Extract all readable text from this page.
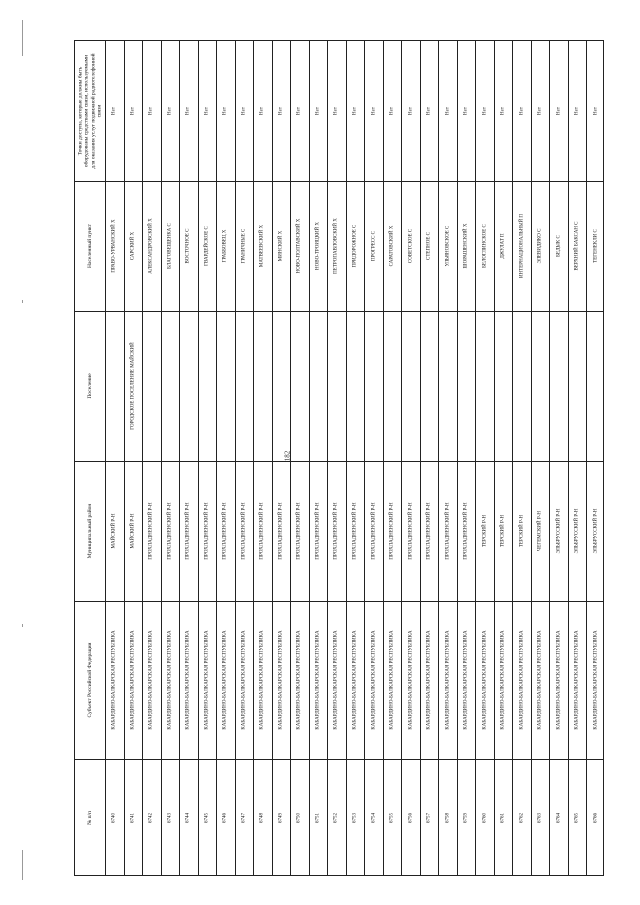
182
Точки доступа, которые должны быть оборудованы средствами связи, используемыми для оказания услуг подвижной радиотелефонной связи
Населенный пункт
Поселение
Муниципальный район
Субъект Российской Федерации
№ п/п
Нет
ПРАВО-УРВАНСКИЙ Х
МАЙСКИЙ Р-Н
КАБАРДИНО-БАЛКАРСКАЯ РЕСПУБЛИКА
6740
Нет
САРСКИЙ Х
ГОРОДСКОЕ ПОСЕЛЕНИЕ МАЙСКИЙ
МАЙСКИЙ Р-Н
КАБАРДИНО-БАЛКАРСКАЯ РЕСПУБЛИКА
6741
Нет
АЛЕКСАНДРОВСКИЙ Х
ПРОХЛАДНЕНСКИЙ Р-Н
КАБАРДИНО-БАЛКАРСКАЯ РЕСПУБЛИКА
6742
Нет
БЛАГОВЕЩЕНКА С
ПРОХЛАДНЕНСКИЙ Р-Н
КАБАРДИНО-БАЛКАРСКАЯ РЕСПУБЛИКА
6743
Нет
ВОСТОЧНОЕ С
ПРОХЛАДНЕНСКИЙ Р-Н
КАБАРДИНО-БАЛКАРСКАЯ РЕСПУБЛИКА
6744
Нет
ГВАРДЕЙСКОЕ С
ПРОХЛАДНЕНСКИЙ Р-Н
КАБАРДИНО-БАЛКАРСКАЯ РЕСПУБЛИКА
6745
Нет
ГРАББОВЕЦ Х
ПРОХЛАДНЕНСКИЙ Р-Н
КАБАРДИНО-БАЛКАРСКАЯ РЕСПУБЛИКА
6746
Нет
ГРАНИЧНЫЕ С
ПРОХЛАДНЕНСКИЙ Р-Н
КАБАРДИНО-БАЛКАРСКАЯ РЕСПУБЛИКА
6747
Нет
МАТВЕЕВСКИЙ Х
ПРОХЛАДНЕНСКИЙ Р-Н
КАБАРДИНО-БАЛКАРСКАЯ РЕСПУБЛИКА
6748
Нет
МИНСКИЙ Х
ПРОХЛАДНЕНСКИЙ Р-Н
КАБАРДИНО-БАЛКАРСКАЯ РЕСПУБЛИКА
6749
Нет
НОВО-ПОЛТАВСКИЙ Х
ПРОХЛАДНЕНСКИЙ Р-Н
КАБАРДИНО-БАЛКАРСКАЯ РЕСПУБЛИКА
6750
Нет
НОВО-ТРОИЦКИЙ Х
ПРОХЛАДНЕНСКИЙ Р-Н
КАБАРДИНО-БАЛКАРСКАЯ РЕСПУБЛИКА
6751
Нет
ПЕТРОПАВЛОВСКИЙ Х
ПРОХЛАДНЕНСКИЙ Р-Н
КАБАРДИНО-БАЛКАРСКАЯ РЕСПУБЛИКА
6752
Нет
ПРИДОРОЖНОЕ С
ПРОХЛАДНЕНСКИЙ Р-Н
КАБАРДИНО-БАЛКАРСКАЯ РЕСПУБЛИКА
6753
Нет
ПРОГРЕСС С
ПРОХЛАДНЕНСКИЙ Р-Н
КАБАРДИНО-БАЛКАРСКАЯ РЕСПУБЛИКА
6754
Нет
САРАТОВСКИЙ Х
ПРОХЛАДНЕНСКИЙ Р-Н
КАБАРДИНО-БАЛКАРСКАЯ РЕСПУБЛИКА
6755
Нет
СОВЕТСКОЕ С
ПРОХЛАДНЕНСКИЙ Р-Н
КАБАРДИНО-БАЛКАРСКАЯ РЕСПУБЛИКА
6756
Нет
СТЕПНОЕ С
ПРОХЛАДНЕНСКИЙ Р-Н
КАБАРДИНО-БАЛКАРСКАЯ РЕСПУБЛИКА
6757
Нет
УЛЬЯНОВСКОЕ С
ПРОХЛАДНЕНСКИЙ Р-Н
КАБАРДИНО-БАЛКАРСКАЯ РЕСПУБЛИКА
6758
Нет
ШОРАШЕНСКИЙ Х
ПРОХЛАДНЕНСКИЙ Р-Н
КАБАРДИНО-БАЛКАРСКАЯ РЕСПУБЛИКА
6759
Нет
БЕЛОГЛИНСКОЕ С
ТЕРСКИЙ Р-Н
КАБАРДИНО-БАЛКАРСКАЯ РЕСПУБЛИКА
6760
Нет
ДЖУЛАТ П
ТЕРСКИЙ Р-Н
КАБАРДИНО-БАЛКАРСКАЯ РЕСПУБЛИКА
6761
Нет
ИНТЕРНАЦИОНАЛЬНЫЙ П
ТЕРСКИЙ Р-Н
КАБАРДИНО-БАЛКАРСКАЯ РЕСПУБЛИКА
6762
Нет
ЭЛЕВИДИКО С
ЧЕГЕМСКИЙ Р-Н
КАБАРДИНО-БАЛКАРСКАЯ РЕСПУБЛИКА
6763
Нет
БЕДЫК С
ЭЛЬБРУССКИЙ Р-Н
КАБАРДИНО-БАЛКАРСКАЯ РЕСПУБЛИКА
6764
Нет
ВЕРХНИЙ БАКСАН С
ЭЛЬБРУССКИЙ Р-Н
КАБАРДИНО-БАЛКАРСКАЯ РЕСПУБЛИКА
6765
Нет
ТЕГЕНЕКЛИ С
ЭЛЬБРУССКИЙ Р-Н
КАБАРДИНО-БАЛКАРСКАЯ РЕСПУБЛИКА
6766
